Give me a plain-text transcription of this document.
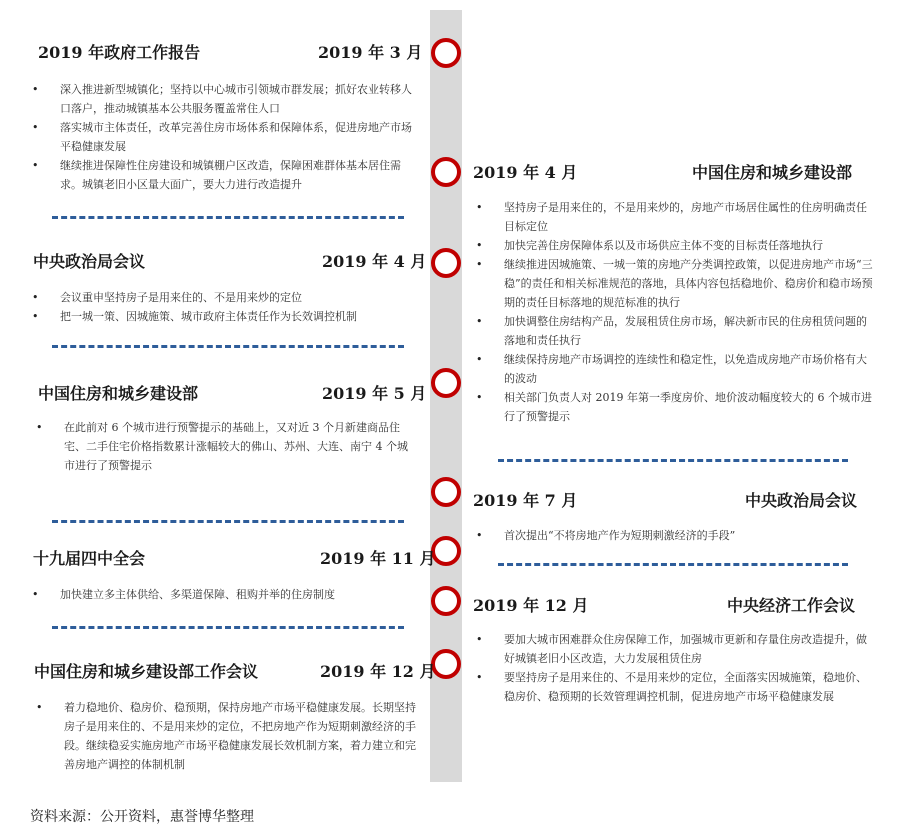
2019 年政府工作报告	2019 年 3 月
• 深入推进新型城镇化；坚持以中心城市引领城市群发展；抓好农业转移人口落户，推动城镇基本公共服务覆盖常住人口
• 落实城市主体责任，改革完善住房市场体系和保障体系，促进房地产市场平稳健康发展
• 继续推进保障性住房建设和城镇棚户区改造，保障困难群体基本居住需求。城镇老旧小区量大面广，要大力进行改造提升
2019 年 4 月	中国住房和城乡建设部
• 坚持房子是用来住的，不是用来炒的，房地产市场居住属性的住房明确责任目标定位
• 加快完善住房保障体系以及市场供应主体不变的目标责任落地执行
• 继续推进因城施策、一城一策的房地产分类调控政策，以促进房地产市场“三稳”的责任和相关标准规范的落地，具体内容包括稳地价、稳房价和稳市场预期的责任目标落地的规范标准的执行
• 加快调整住房结构产品，发展租赁住房市场，解决新市民的住房租赁问题的落地和责任执行
• 继续保持房地产市场调控的连续性和稳定性，以免造成房地产市场价格有大的波动
• 相关部门负责人对 2019 年第一季度房价、地价波动幅度较大的 6 个城市进行了预警提示
中央政治局会议	2019 年 4 月
• 会议重申坚持房子是用来住的、不是用来炒的定位
• 把一城一策、因城施策、城市政府主体责任作为长效调控机制
中国住房和城乡建设部	2019 年 5 月
• 在此前对 6 个城市进行预警提示的基础上，又对近 3 个月新建商品住宅、二手住宅价格指数累计涨幅较大的佛山、苏州、大连、南宁 4 个城市进行了预警提示
2019 年 7 月	中央政治局会议
• 首次提出“不将房地产作为短期刺激经济的手段”
十九届四中全会	2019 年 11 月
• 加快建立多主体供给、多渠道保障、租购并举的住房制度
2019 年 12 月	中央经济工作会议
• 要加大城市困难群众住房保障工作，加强城市更新和存量住房改造提升，做好城镇老旧小区改造，大力发展租赁住房
• 要坚持房子是用来住的、不是用来炒的定位，全面落实因城施策，稳地价、稳房价、稳预期的长效管理调控机制，促进房地产市场平稳健康发展
中国住房和城乡建设部工作会议	2019 年 12 月
• 着力稳地价、稳房价、稳预期，保持房地产市场平稳健康发展。长期坚持房子是用来住的、不是用来炒的定位，不把房地产作为短期刺激经济的手段。继续稳妥实施房地产市场平稳健康发展长效机制方案，着力建立和完善房地产调控的体制机制
资料来源：公开资料，惠誉博华整理
